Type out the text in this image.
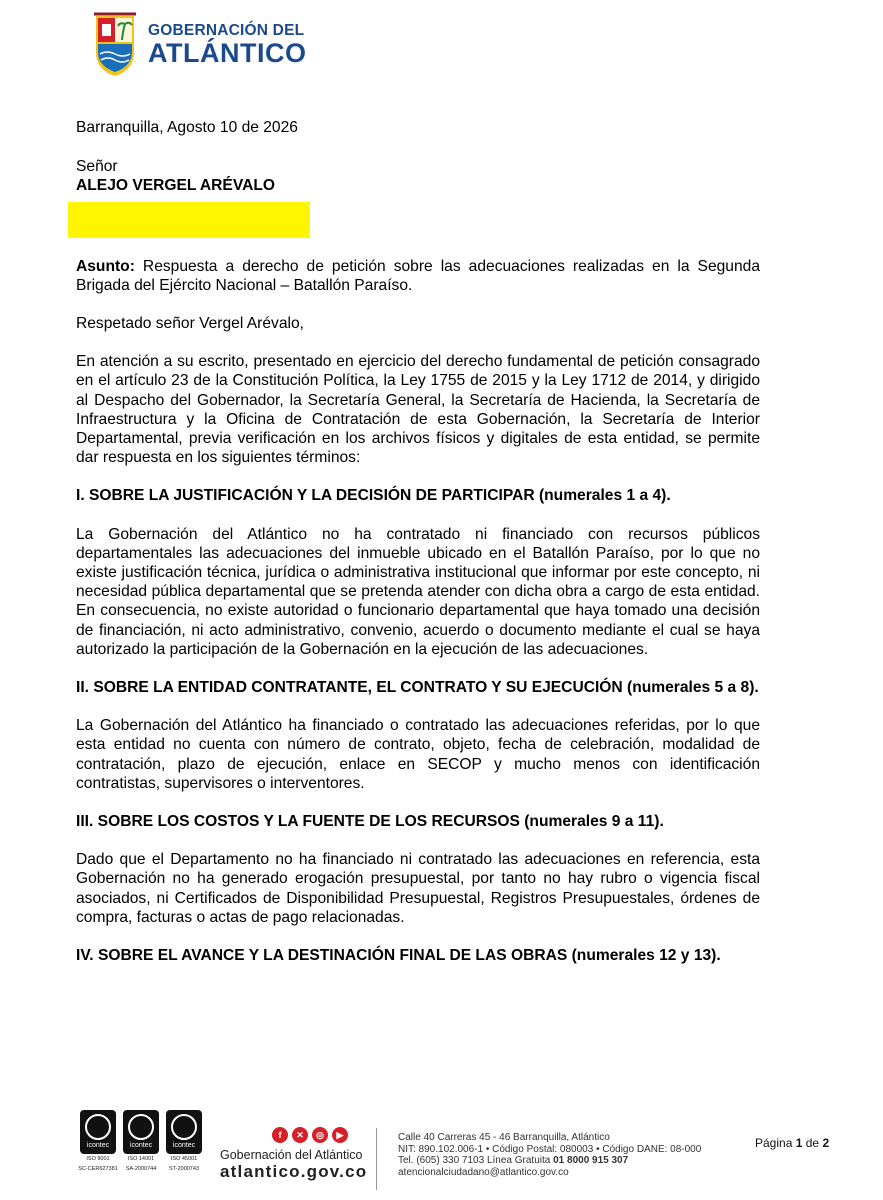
GOBERNACIÓN DEL
ATLÁNTICO

Barranquilla, Agosto 10 de 2026

Señor

ALEJO VERGEL ARÉVALO

Asunto: Respuesta a derecho de petición sobre las adecuaciones realizadas en la Segunda Brigada del Ejército Nacional – Batallón Paraíso.

Respetado señor Vergel Arévalo,

En atención a su escrito, presentado en ejercicio del derecho fundamental de petición consagrado en el artículo 23 de la Constitución Política, la Ley 1755 de 2015 y la Ley 1712 de 2014, y dirigido al Despacho del Gobernador, la Secretaría General, la Secretaría de Hacienda, la Secretaría de Infraestructura y la Oficina de Contratación de esta Gobernación, la Secretaría de Interior Departamental, previa verificación en los archivos físicos y digitales de esta entidad, se permite dar respuesta en los siguientes términos:

I. SOBRE LA JUSTIFICACIÓN Y LA DECISIÓN DE PARTICIPAR (numerales 1 a 4).

La Gobernación del Atlántico no ha contratado ni financiado con recursos públicos departamentales las adecuaciones del inmueble ubicado en el Batallón Paraíso, por lo que no existe justificación técnica, jurídica o administrativa institucional que informar por este concepto, ni necesidad pública departamental que se pretenda atender con dicha obra a cargo de esta entidad. En consecuencia, no existe autoridad o funcionario departamental que haya tomado una decisión de financiación, ni acto administrativo, convenio, acuerdo o documento mediante el cual se haya autorizado la participación de la Gobernación en la ejecución de las adecuaciones.

II. SOBRE LA ENTIDAD CONTRATANTE, EL CONTRATO Y SU EJECUCIÓN (numerales 5 a 8).

La Gobernación del Atlántico ha financiado o contratado las adecuaciones referidas, por lo que esta entidad no cuenta con número de contrato, objeto, fecha de celebración, modalidad de contratación, plazo de ejecución, enlace en SECOP y mucho menos con identificación contratistas, supervisores o interventores.

III. SOBRE LOS COSTOS Y LA FUENTE DE LOS RECURSOS (numerales 9 a 11).

Dado que el Departamento no ha financiado ni contratado las adecuaciones en referencia, esta Gobernación no ha generado erogación presupuestal, por tanto no hay rubro o vigencia fiscal asociados, ni Certificados de Disponibilidad Presupuestal, Registros Presupuestales, órdenes de compra, facturas o actas de pago relacionadas.

IV. SOBRE EL AVANCE Y LA DESTINACIÓN FINAL DE LAS OBRAS (numerales 12 y 13).

icontec
ISO 9001
SC-CER627381
icontec
ISO 14001
SA-2000744
icontec
ISO 45001
ST-2000743
f	✕	◎	▶
Gobernación del Atlántico
atlantico.gov.co
Calle 40 Carreras 45 - 46 Barranquilla, Atlántico
NIT: 890.102.006-1 • Código Postal: 080003 • Código DANE: 08-000
Tel. (605) 330 7103 Línea Gratuita 01 8000 915 307
atencionalciudadano@atlantico.gov.co
Página 1 de 2
